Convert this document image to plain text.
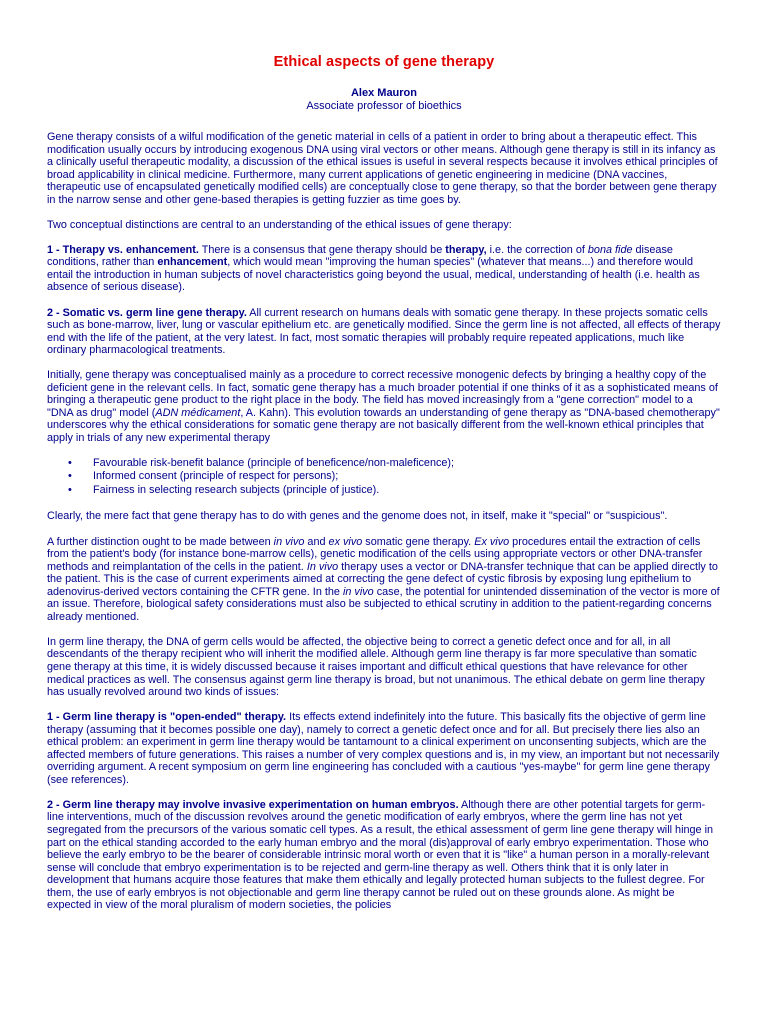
Ethical aspects of gene therapy
Alex Mauron
Associate professor of bioethics

Gene therapy consists of a wilful modification of the genetic material in cells of a patient in order to bring about a therapeutic effect. This modification usually occurs by introducing exogenous DNA using viral vectors or other means. Although gene therapy is still in its infancy as a clinically useful therapeutic modality, a discussion of the ethical issues is useful in several respects because it involves ethical principles of broad applicability in clinical medicine. Furthermore, many current applications of genetic engineering in medicine (DNA vaccines, therapeutic use of encapsulated genetically modified cells) are conceptually close to gene therapy, so that the border between gene therapy in the narrow sense and other gene-based therapies is getting fuzzier as time goes by.

Two conceptual distinctions are central to an understanding of the ethical issues of gene therapy:

1 - Therapy vs. enhancement. There is a consensus that gene therapy should be therapy, i.e. the correction of bona fide disease conditions, rather than enhancement, which would mean "improving the human species" (whatever that means...) and therefore would entail the introduction in human subjects of novel characteristics going beyond the usual, medical, understanding of health (i.e. health as absence of serious disease).

2 - Somatic vs. germ line gene therapy. All current research on humans deals with somatic gene therapy. In these projects somatic cells such as bone-marrow, liver, lung or vascular epithelium etc. are genetically modified. Since the germ line is not affected, all effects of therapy end with the life of the patient, at the very latest. In fact, most somatic therapies will probably require repeated applications, much like ordinary pharmacological treatments.

Initially, gene therapy was conceptualised mainly as a procedure to correct recessive monogenic defects by bringing a healthy copy of the deficient gene in the relevant cells. In fact, somatic gene therapy has a much broader potential if one thinks of it as a sophisticated means of bringing a therapeutic gene product to the right place in the body. The field has moved increasingly from a "gene correction" model to a "DNA as drug" model (ADN médicament, A. Kahn). This evolution towards an understanding of gene therapy as "DNA-based chemotherapy" underscores why the ethical considerations for somatic gene therapy are not basically different from the well-known ethical principles that apply in trials of any new experimental therapy

• Favourable risk-benefit balance (principle of beneficence/non-maleficence);
• Informed consent (principle of respect for persons);
• Fairness in selecting research subjects (principle of justice).

Clearly, the mere fact that gene therapy has to do with genes and the genome does not, in itself, make it "special" or "suspicious".

A further distinction ought to be made between in vivo and ex vivo somatic gene therapy. Ex vivo procedures entail the extraction of cells from the patient's body (for instance bone-marrow cells), genetic modification of the cells using appropriate vectors or other DNA-transfer methods and reimplantation of the cells in the patient. In vivo therapy uses a vector or DNA-transfer technique that can be applied directly to the patient. This is the case of current experiments aimed at correcting the gene defect of cystic fibrosis by exposing lung epithelium to adenovirus-derived vectors containing the CFTR gene. In the in vivo case, the potential for unintended dissemination of the vector is more of an issue. Therefore, biological safety considerations must also be subjected to ethical scrutiny in addition to the patient-regarding concerns already mentioned.

In germ line therapy, the DNA of germ cells would be affected, the objective being to correct a genetic defect once and for all, in all descendants of the therapy recipient who will inherit the modified allele. Although germ line therapy is far more speculative than somatic gene therapy at this time, it is widely discussed because it raises important and difficult ethical questions that have relevance for other medical practices as well. The consensus against germ line therapy is broad, but not unanimous. The ethical debate on germ line therapy has usually revolved around two kinds of issues:

1 - Germ line therapy is "open-ended" therapy. Its effects extend indefinitely into the future. This basically fits the objective of germ line therapy (assuming that it becomes possible one day), namely to correct a genetic defect once and for all. But precisely there lies also an ethical problem: an experiment in germ line therapy would be tantamount to a clinical experiment on unconsenting subjects, which are the affected members of future generations. This raises a number of very complex questions and is, in my view, an important but not necessarily overriding argument. A recent symposium on germ line engineering has concluded with a cautious "yes-maybe" for germ line gene therapy (see references).

2 - Germ line therapy may involve invasive experimentation on human embryos. Although there are other potential targets for germ-line interventions, much of the discussion revolves around the genetic modification of early embryos, where the germ line has not yet segregated from the precursors of the various somatic cell types. As a result, the ethical assessment of germ line gene therapy will hinge in part on the ethical standing accorded to the early human embryo and the moral (dis)approval of early embryo experimentation. Those who believe the early embryo to be the bearer of considerable intrinsic moral worth or even that it is "like" a human person in a morally-relevant sense will conclude that embryo experimentation is to be rejected and germ-line therapy as well. Others think that it is only later in development that humans acquire those features that make them ethically and legally protected human subjects to the fullest degree. For them, the use of early embryos is not objectionable and germ line therapy cannot be ruled out on these grounds alone. As might be expected in view of the moral pluralism of modern societies, the policies
